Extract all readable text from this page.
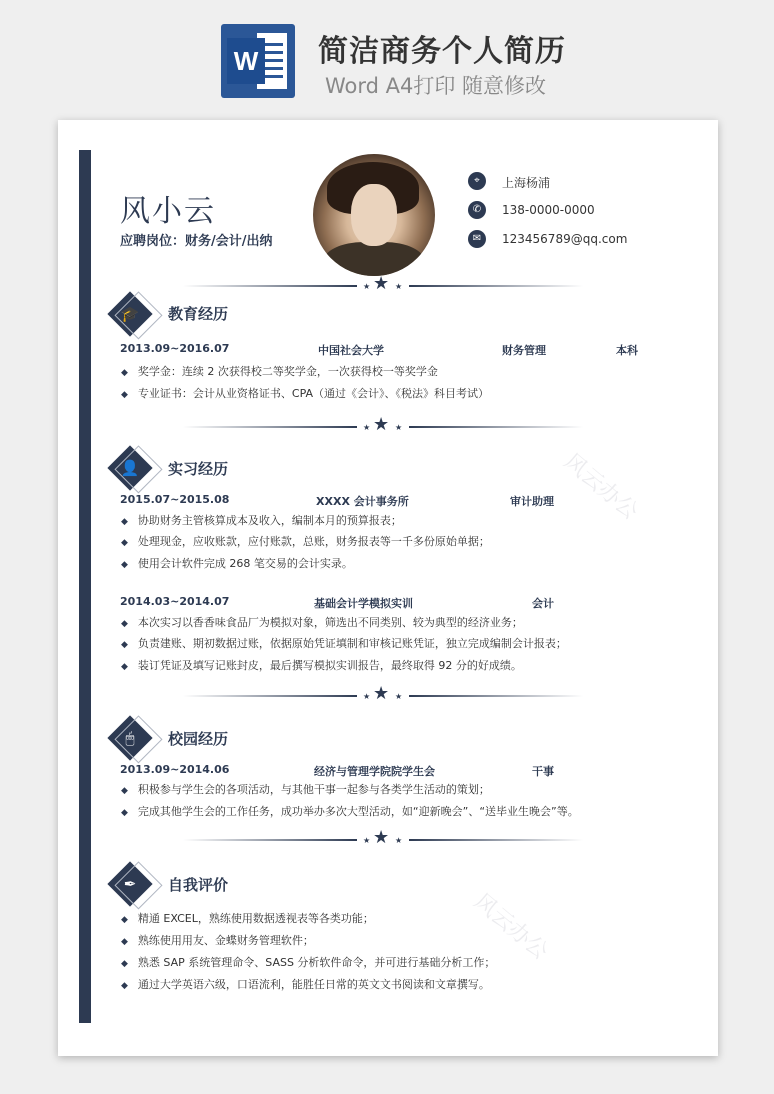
W 简洁商务个人简历
Word A4打印 随意修改
风小云
应聘岗位：财务/会计/出纳
⌖	上海杨浦
✆	138-0000-0000
✉	123456789@qq.com
★ ★ ★
🎓	教育经历
2013.09~2016.07	中国社会大学	财务管理	本科
◆ 奖学金：连续 2 次获得校二等奖学金，一次获得校一等奖学金
◆ 专业证书：会计从业资格证书、CPA（通过《会计》、《税法》科目考试）
★ ★ ★
👤	实习经历
2015.07~2015.08	XXXX 会计事务所	审计助理
◆ 协助财务主管核算成本及收入，编制本月的预算报表；
◆ 处理现金，应收账款，应付账款，总账，财务报表等一千多份原始单据；
◆ 使用会计软件完成 268 笔交易的会计实录。
2014.03~2014.07	基础会计学模拟实训	会计
◆ 本次实习以香香味食品厂为模拟对象，筛选出不同类别、较为典型的经济业务；
◆ 负责建账、期初数据过账，依据原始凭证填制和审核记账凭证，独立完成编制会计报表；
◆ 装订凭证及填写记账封皮，最后撰写模拟实训报告，最终取得 92 分的好成绩。
★ ★ ★
🖱	校园经历
2013.09~2014.06	经济与管理学院院学生会	干事
◆ 积极参与学生会的各项活动，与其他干事一起参与各类学生活动的策划；
◆ 完成其他学生会的工作任务，成功举办多次大型活动，如“迎新晚会”、“送毕业生晚会”等。
★ ★ ★
✒	自我评价
◆ 精通 EXCEL，熟练使用数据透视表等各类功能；
◆ 熟练使用用友、金蝶财务管理软件；
◆ 熟悉 SAP 系统管理命令、SASS 分析软件命令，并可进行基础分析工作；
◆ 通过大学英语六级，口语流利，能胜任日常的英文文书阅读和文章撰写。
风云办公
风云办公
